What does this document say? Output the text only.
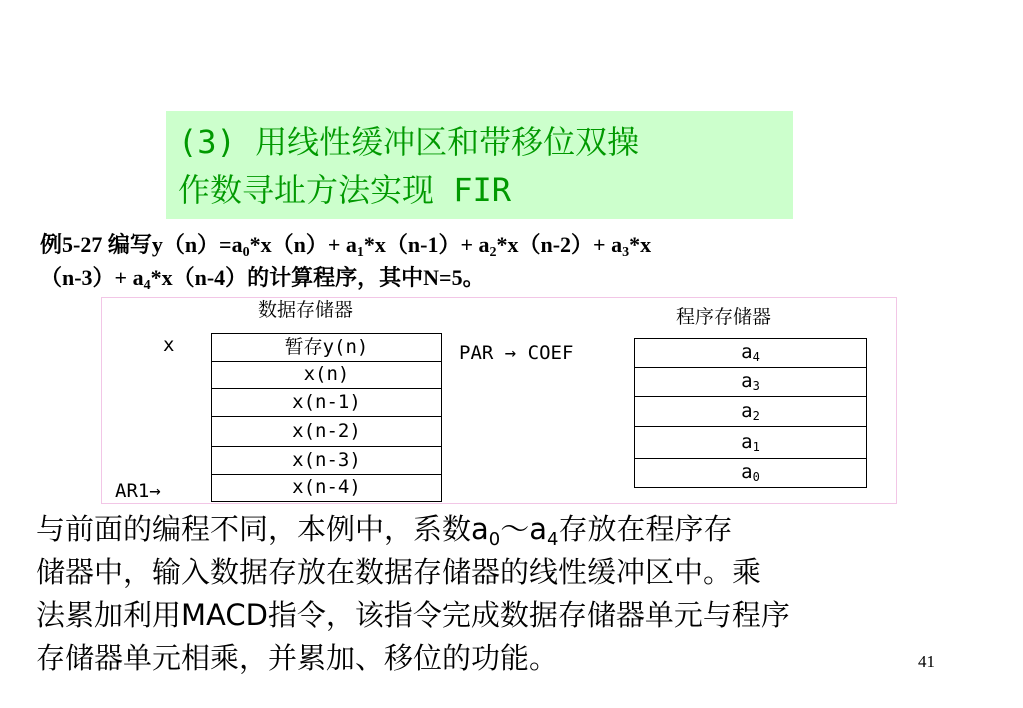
(3) 用线性缓冲区和带移位双操
作数寻址方法实现 FIR
例5-27 编写$y(n)=a_0*x(n)+ a_1*x(n-1)+ a_2*x(n-2)+ a_3*x$
$(n-3)+ a_4*x(n-4)$的计算程序，其中N=5。
数据存储器	程序存储器
x	PAR → COEF
AR1→
暂存y(n)
x(n)
x(n-1)
x(n-2)
x(n-3)
x(n-4)
$a_4$
$a_3$
$a_2$
$a_1$
$a_0$
与前面的编程不同，本例中，系数$a_0\sim a_4$存放在程序存
储器中，输入数据存放在数据存储器的线性缓冲区中。乘
法累加利用MACD指令，该指令完成数据存储器单元与程序
存储器单元相乘，并累加、移位的功能。	41
